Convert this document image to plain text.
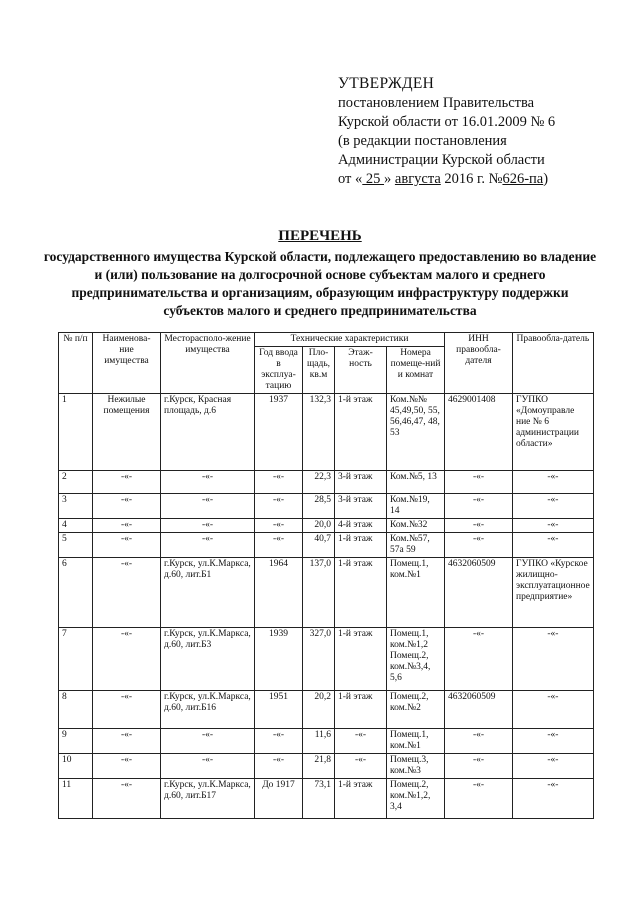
УТВЕРЖДЕН
постановлением Правительства
Курской области от 16.01.2009 № 6
(в редакции постановления
Администрации Курской области
от « 25 » августа 2016 г. №626-па)
ПЕРЕЧЕНЬ
государственного имущества Курской области, подлежащего предоставлению во владение и (или) пользование на долгосрочной основе субъектам малого и среднего предпринимательства и организациям, образующим инфраструктуру поддержки субъектов малого и среднего предпринимательства
№ п/п	Наименова-ние имущества	Месторасполо-жение имущества	Технические характеристики				ИНН правообла-дателя	Правообла-датель
			Год ввода в эксплуа-тацию	Пло-щадь, кв.м	Этаж-ность	Номера помеще-ний и комнат		
1	Нежилые помещения	г.Курск, Красная площадь, д.6	1937	132,3	1-й этаж	Ком.№№ 45,49,50, 55, 56,46,47, 48, 53	4629001408	ГУПКО «Домоуправле ние № 6 администрации области»
2	-«-	-«-	-«-	22,3	3-й этаж	Ком.№5, 13	-«-	-«-
3	-«-	-«-	-«-	28,5	3-й этаж	Ком.№19, 14	-«-	-«-
4	-«-	-«-	-«-	20,0	4-й этаж	Ком.№32	-«-	-«-
5	-«-	-«-	-«-	40,7	1-й этаж	Ком.№57, 57а 59	-«-	-«-
6	-«-	г.Курск, ул.К.Маркса, д.60, лит.Б1	1964	137,0	1-й этаж	Помещ.1, ком.№1	4632060509	ГУПКО «Курское жилищно-эксплуатационное предприятие»
7	-«-	г.Курск, ул.К.Маркса, д.60, лит.Б3	1939	327,0	1-й этаж	Помещ.1, ком.№1,2 Помещ.2, ком.№3,4, 5,6	-«-	-«-
8	-«-	г.Курск, ул.К.Маркса, д.60, лит.Б16	1951	20,2	1-й этаж	Помещ.2, ком.№2	4632060509	-«-
9	-«-	-«-	-«-	11,6	-«-	Помещ.1, ком.№1	-«-	-«-
10	-«-	-«-	-«-	21,8	-«-	Помещ.3, ком.№3	-«-	-«-
11	-«-	г.Курск, ул.К.Маркса, д.60, лит.Б17	До 1917	73,1	1-й этаж	Помещ.2, ком.№1,2, 3,4	-«-	-«-
